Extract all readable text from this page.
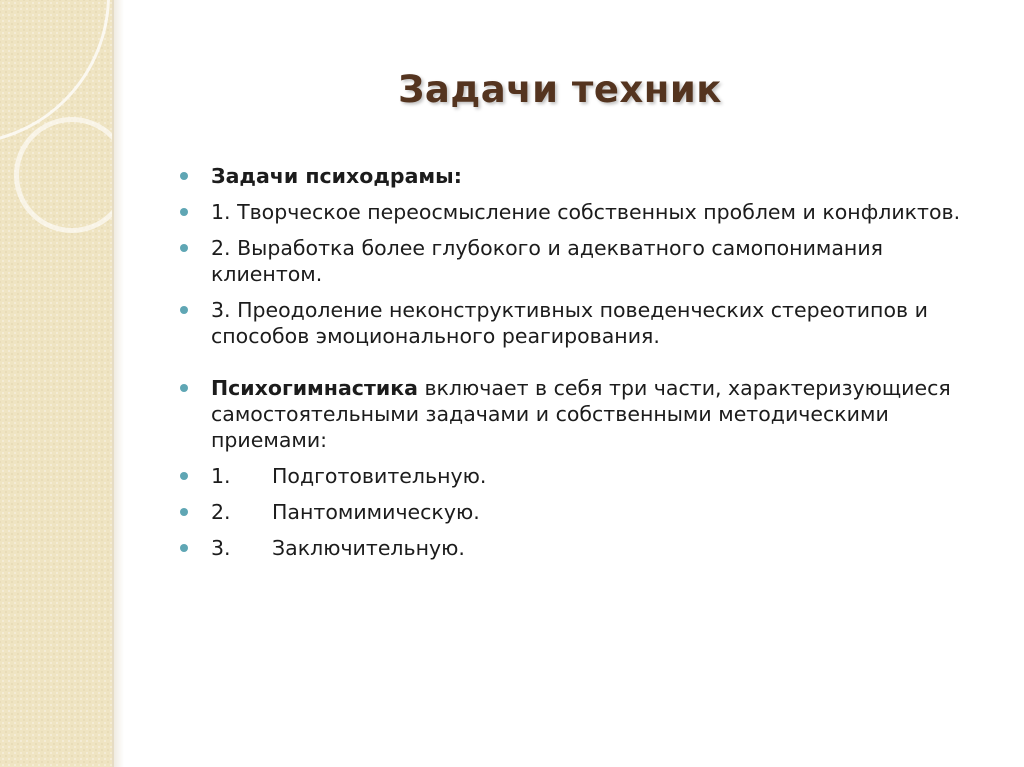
Задачи техник
Задачи психодрамы:
1. Творческое переосмысление собственных проблем и конфликтов.
2. Выработка более глубокого и адекватного самопонимания клиентом.
3. Преодоление неконструктивных поведенческих стереотипов и способов эмоционального реагирования.
Психогимнастика включает в себя три части, характеризующиеся самостоятельными задачами и собственными методическими приемами:
1. Подготовительную.
2. Пантомимическую.
3. Заключительную.
